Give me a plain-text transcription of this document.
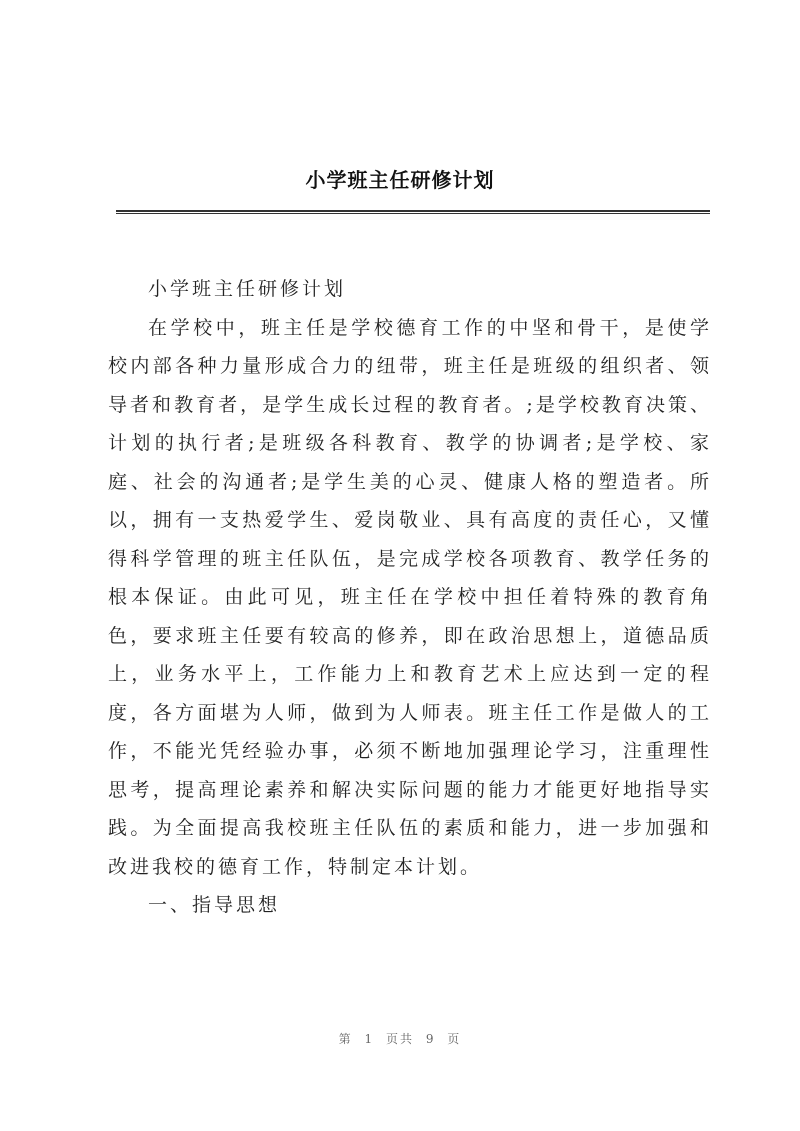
小学班主任研修计划

小学班主任研修计划

在学校中，班主任是学校德育工作的中坚和骨干，是使学校内部各种力量形成合力的纽带，班主任是班级的组织者、领导者和教育者，是学生成长过程的教育者。;是学校教育决策、计划的执行者;是班级各科教育、教学的协调者;是学校、家庭、社会的沟通者;是学生美的心灵、健康人格的塑造者。所以，拥有一支热爱学生、爱岗敬业、具有高度的责任心，又懂得科学管理的班主任队伍，是完成学校各项教育、教学任务的根本保证。由此可见，班主任在学校中担任着特殊的教育角色，要求班主任要有较高的修养，即在政治思想上，道德品质上，业务水平上，工作能力上和教育艺术上应达到一定的程度，各方面堪为人师，做到为人师表。班主任工作是做人的工作，不能光凭经验办事，必须不断地加强理论学习，注重理性思考，提高理论素养和解决实际问题的能力才能更好地指导实践。为全面提高我校班主任队伍的素质和能力，进一步加强和改进我校的德育工作，特制定本计划。

一、指导思想

第 1 页共 9 页
